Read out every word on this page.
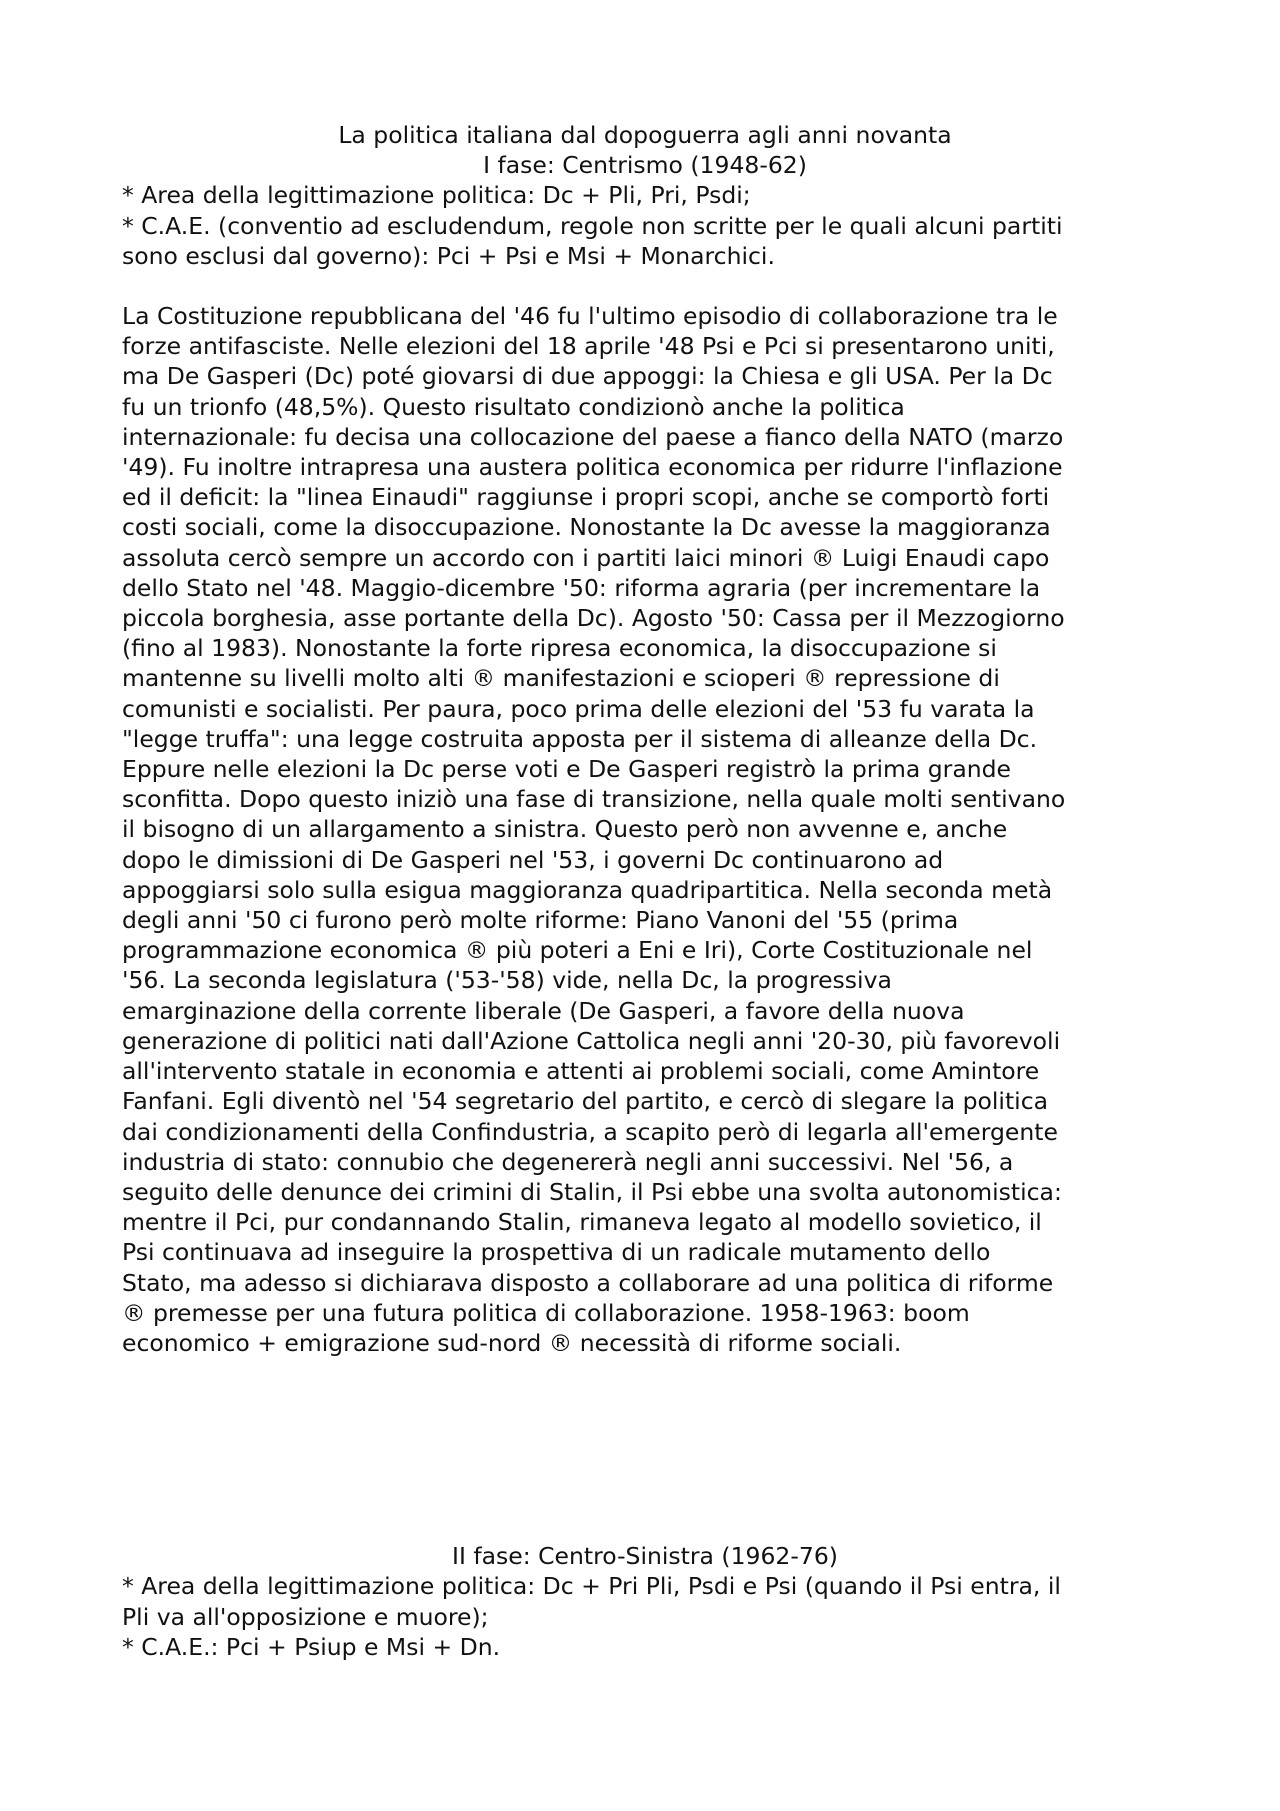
La politica italiana dal dopoguerra agli anni novanta
I fase: Centrismo (1948-62)
* Area della legittimazione politica: Dc + Pli, Pri, Psdi;
* C.A.E. (conventio ad escludendum, regole non scritte per le quali alcuni partiti
sono esclusi dal governo): Pci + Psi e Msi + Monarchici.
La Costituzione repubblicana del '46 fu l'ultimo episodio di collaborazione tra le
forze antifasciste. Nelle elezioni del 18 aprile '48 Psi e Pci si presentarono uniti,
ma De Gasperi (Dc) poté giovarsi di due appoggi: la Chiesa e gli USA. Per la Dc
fu un trionfo (48,5%). Questo risultato condizionò anche la politica
internazionale: fu decisa una collocazione del paese a fianco della NATO (marzo
'49). Fu inoltre intrapresa una austera politica economica per ridurre l'inflazione
ed il deficit: la "linea Einaudi" raggiunse i propri scopi, anche se comportò forti
costi sociali, come la disoccupazione. Nonostante la Dc avesse la maggioranza
assoluta cercò sempre un accordo con i partiti laici minori ® Luigi Enaudi capo
dello Stato nel '48. Maggio-dicembre '50: riforma agraria (per incrementare la
piccola borghesia, asse portante della Dc). Agosto '50: Cassa per il Mezzogiorno
(fino al 1983). Nonostante la forte ripresa economica, la disoccupazione si
mantenne su livelli molto alti ® manifestazioni e scioperi ® repressione di
comunisti e socialisti. Per paura, poco prima delle elezioni del '53 fu varata la
"legge truffa": una legge costruita apposta per il sistema di alleanze della Dc.
Eppure nelle elezioni la Dc perse voti e De Gasperi registrò la prima grande
sconfitta. Dopo questo iniziò una fase di transizione, nella quale molti sentivano
il bisogno di un allargamento a sinistra. Questo però non avvenne e, anche
dopo le dimissioni di De Gasperi nel '53, i governi Dc continuarono ad
appoggiarsi solo sulla esigua maggioranza quadripartitica. Nella seconda metà
degli anni '50 ci furono però molte riforme: Piano Vanoni del '55 (prima
programmazione economica ® più poteri a Eni e Iri), Corte Costituzionale nel
'56. La seconda legislatura ('53-'58) vide, nella Dc, la progressiva
emarginazione della corrente liberale (De Gasperi, a favore della nuova
generazione di politici nati dall'Azione Cattolica negli anni '20-30, più favorevoli
all'intervento statale in economia e attenti ai problemi sociali, come Amintore
Fanfani. Egli diventò nel '54 segretario del partito, e cercò di slegare la politica
dai condizionamenti della Confindustria, a scapito però di legarla all'emergente
industria di stato: connubio che degenererà negli anni successivi. Nel '56, a
seguito delle denunce dei crimini di Stalin, il Psi ebbe una svolta autonomistica:
mentre il Pci, pur condannando Stalin, rimaneva legato al modello sovietico, il
Psi continuava ad inseguire la prospettiva di un radicale mutamento dello
Stato, ma adesso si dichiarava disposto a collaborare ad una politica di riforme
® premesse per una futura politica di collaborazione. 1958-1963: boom
economico + emigrazione sud-nord ® necessità di riforme sociali.
II fase: Centro-Sinistra (1962-76)
* Area della legittimazione politica: Dc + Pri Pli, Psdi e Psi (quando il Psi entra, il
Pli va all'opposizione e muore);
* C.A.E.: Pci + Psiup e Msi + Dn.
